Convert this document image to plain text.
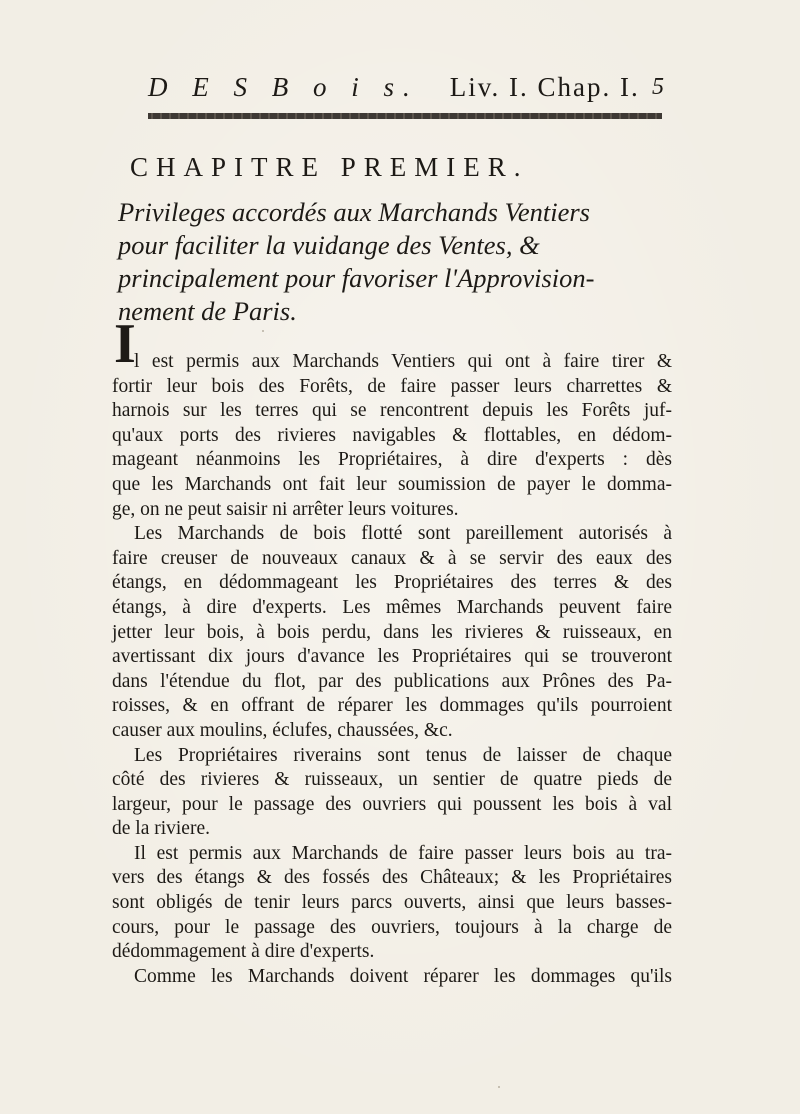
D E S B o i s. Liv. I. Chap. I. 5
CHAPITRE PREMIER.
Privileges accordés aux Marchands Ventiers
pour faciliter la vuidange des Ventes, &
principalement pour favoriser l'Approvision-
nement de Paris.
I
l est permis aux Marchands Ventiers qui ont à faire tirer &
fortir leur bois des Forêts, de faire passer leurs charrettes &
harnois sur les terres qui se rencontrent depuis les Forêts juf-
qu'aux ports des rivieres navigables & flottables, en dédom-
mageant néanmoins les Propriétaires, à dire d'experts : dès
que les Marchands ont fait leur soumission de payer le domma-
ge, on ne peut saisir ni arrêter leurs voitures.
Les Marchands de bois flotté sont pareillement autorisés à
faire creuser de nouveaux canaux & à se servir des eaux des
étangs, en dédommageant les Propriétaires des terres & des
étangs, à dire d'experts. Les mêmes Marchands peuvent faire
jetter leur bois, à bois perdu, dans les rivieres & ruisseaux, en
avertissant dix jours d'avance les Propriétaires qui se trouveront
dans l'étendue du flot, par des publications aux Prônes des Pa-
roisses, & en offrant de réparer les dommages qu'ils pourroient
causer aux moulins, éclufes, chaussées, &c.
Les Propriétaires riverains sont tenus de laisser de chaque
côté des rivieres & ruisseaux, un sentier de quatre pieds de
largeur, pour le passage des ouvriers qui poussent les bois à val
de la riviere.
Il est permis aux Marchands de faire passer leurs bois au tra-
vers des étangs & des fossés des Châteaux; & les Propriétaires
sont obligés de tenir leurs parcs ouverts, ainsi que leurs basses-
cours, pour le passage des ouvriers, toujours à la charge de
dédommagement à dire d'experts.
Comme les Marchands doivent réparer les dommages qu'ils
